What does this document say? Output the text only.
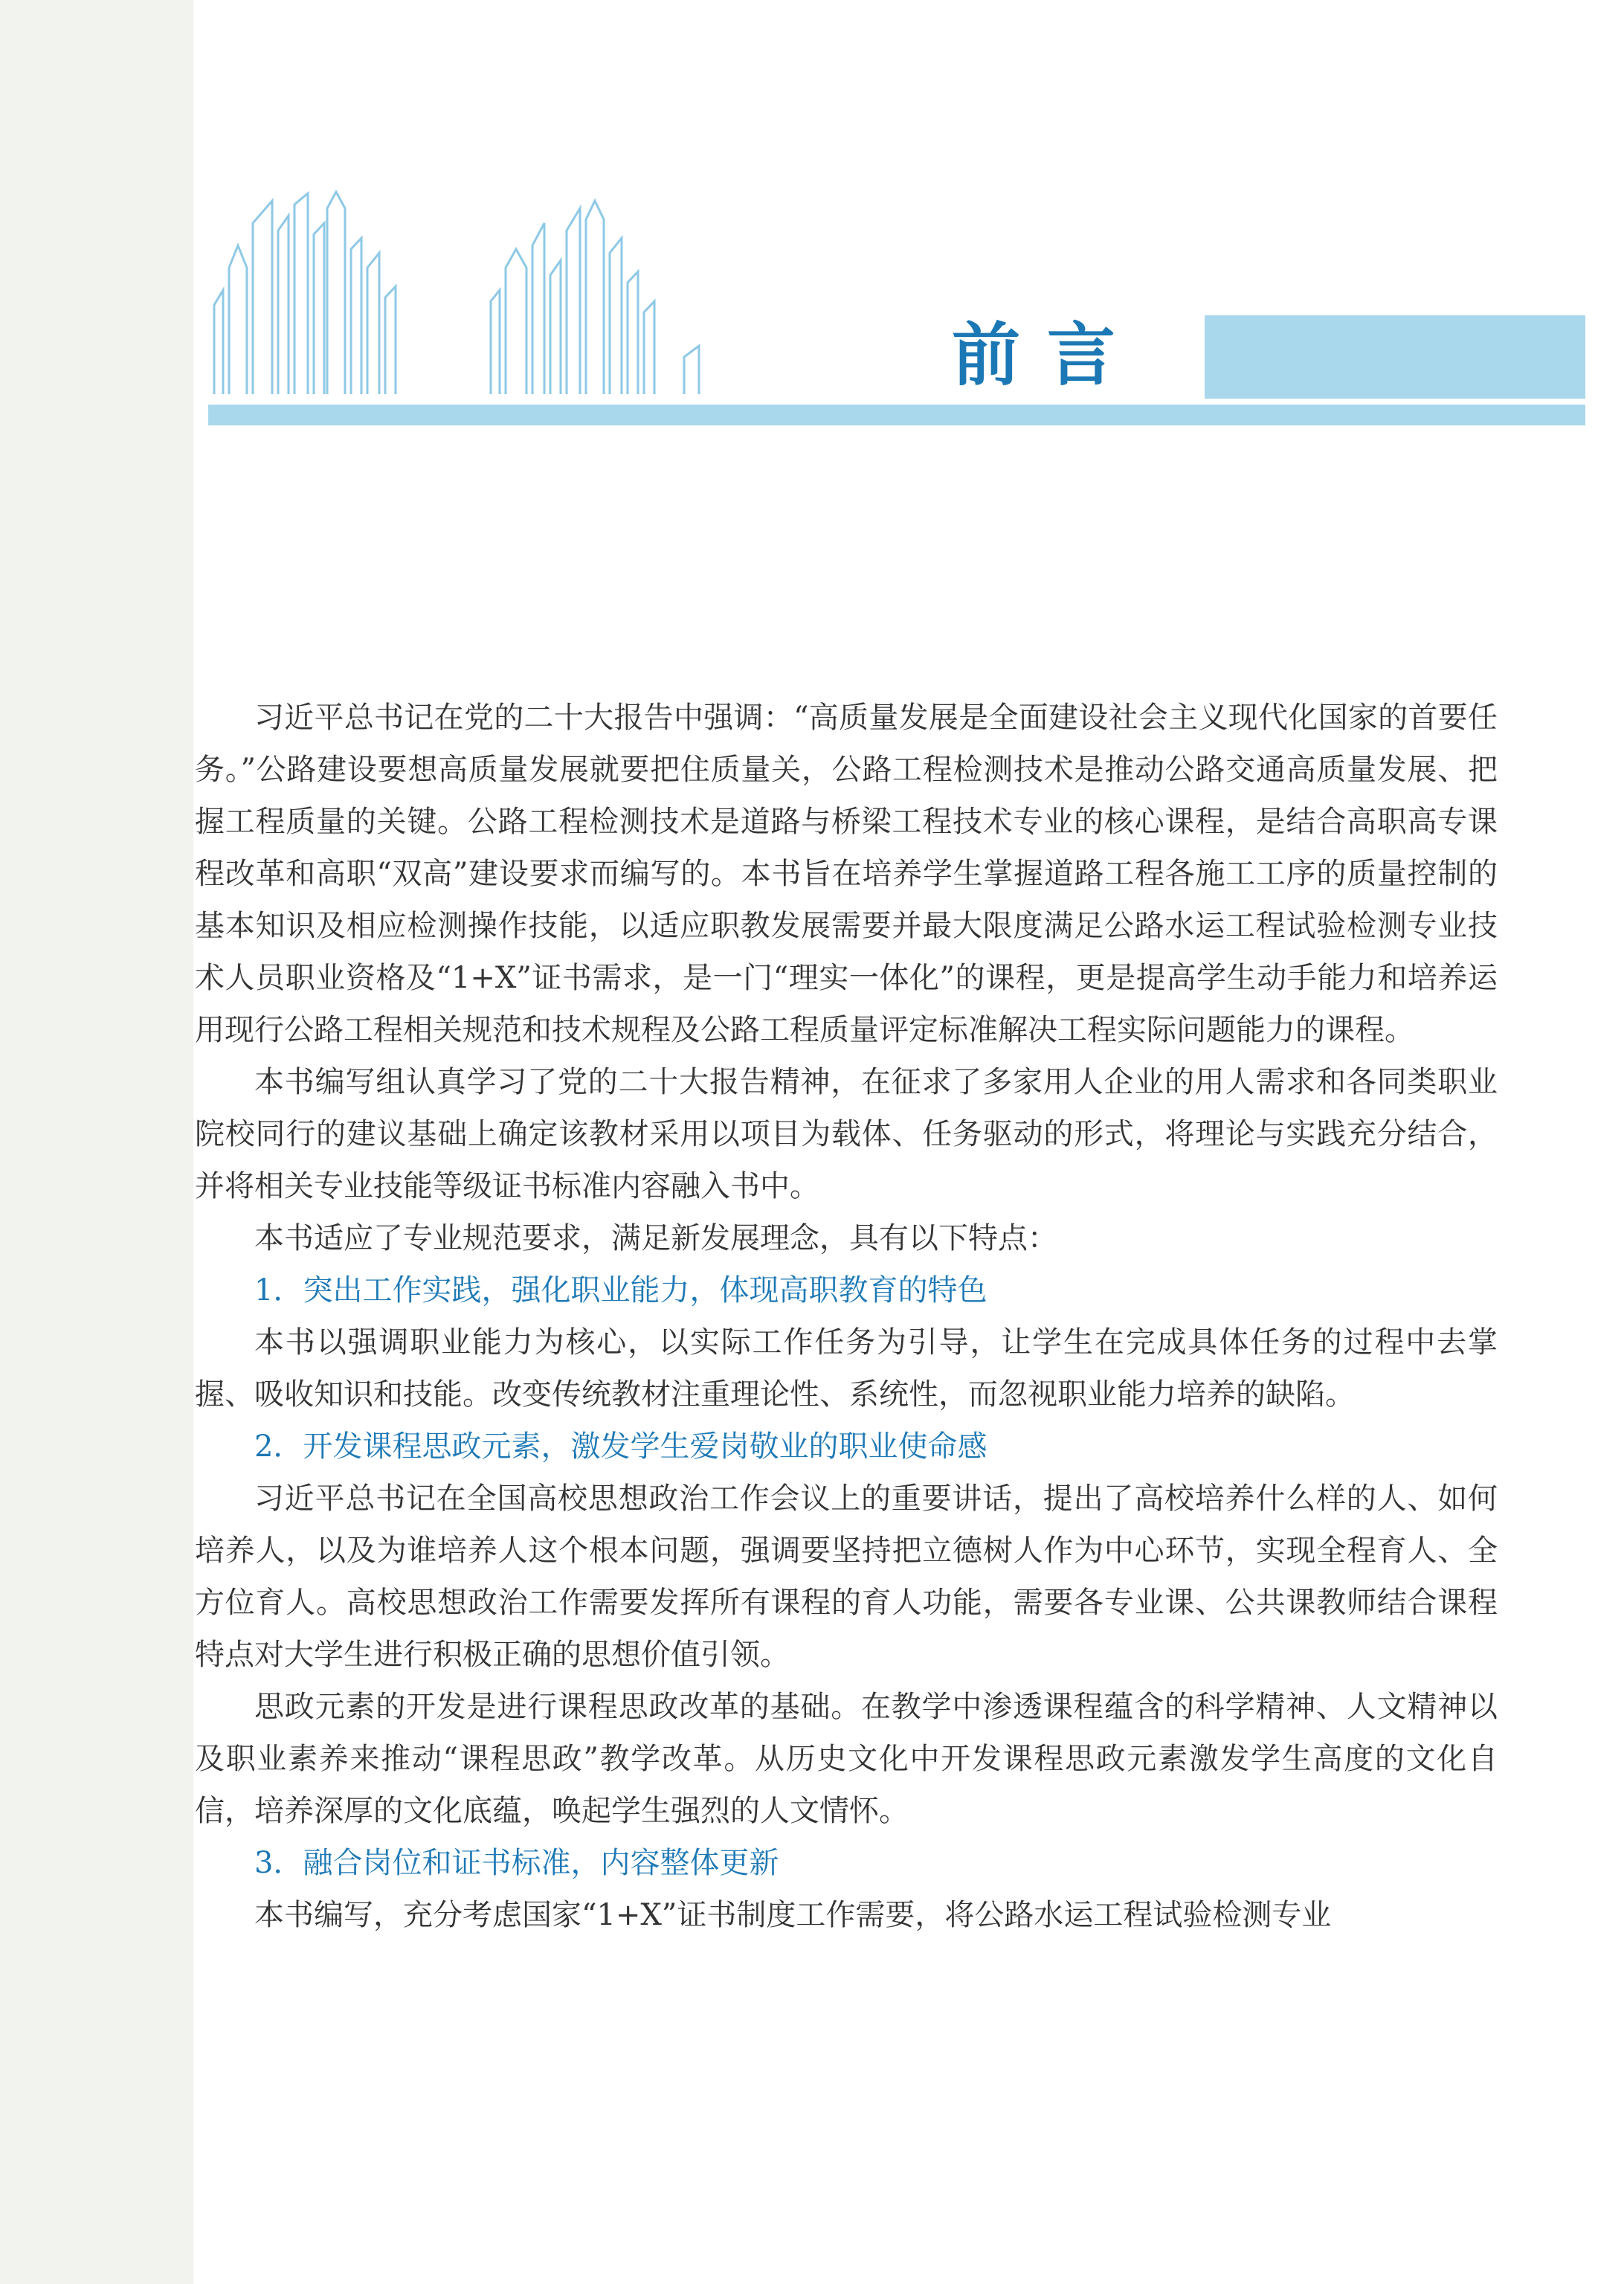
前言

习近平总书记在党的二十大报告中强调：“高质量发展是全面建设社会主义现代化国家的首要任务。”公路建设要想高质量发展就要把住质量关，公路工程检测技术是推动公路交通高质量发展、把握工程质量的关键。公路工程检测技术是道路与桥梁工程技术专业的核心课程，是结合高职高专课程改革和高职“双高”建设要求而编写的。本书旨在培养学生掌握道路工程各施工工序的质量控制的基本知识及相应检测操作技能，以适应职教发展需要并最大限度满足公路水运工程试验检测专业技术人员职业资格及“1+X”证书需求，是一门“理实一体化”的课程，更是提高学生动手能力和培养运用现行公路工程相关规范和技术规程及公路工程质量评定标准解决工程实际问题能力的课程。

本书编写组认真学习了党的二十大报告精神，在征求了多家用人企业的用人需求和各同类职业院校同行的建议基础上确定该教材采用以项目为载体、任务驱动的形式，将理论与实践充分结合，并将相关专业技能等级证书标准内容融入书中。

本书适应了专业规范要求，满足新发展理念，具有以下特点：

1．突出工作实践，强化职业能力，体现高职教育的特色

本书以强调职业能力为核心，以实际工作任务为引导，让学生在完成具体任务的过程中去掌握、吸收知识和技能。改变传统教材注重理论性、系统性，而忽视职业能力培养的缺陷。

2．开发课程思政元素，激发学生爱岗敬业的职业使命感

习近平总书记在全国高校思想政治工作会议上的重要讲话，提出了高校培养什么样的人、如何培养人，以及为谁培养人这个根本问题，强调要坚持把立德树人作为中心环节，实现全程育人、全方位育人。高校思想政治工作需要发挥所有课程的育人功能，需要各专业课、公共课教师结合课程特点对大学生进行积极正确的思想价值引领。

思政元素的开发是进行课程思政改革的基础。在教学中渗透课程蕴含的科学精神、人文精神以及职业素养来推动“课程思政”教学改革。从历史文化中开发课程思政元素激发学生高度的文化自信，培养深厚的文化底蕴，唤起学生强烈的人文情怀。

3．融合岗位和证书标准，内容整体更新

本书编写，充分考虑国家“1+X”证书制度工作需要，将公路水运工程试验检测专业
